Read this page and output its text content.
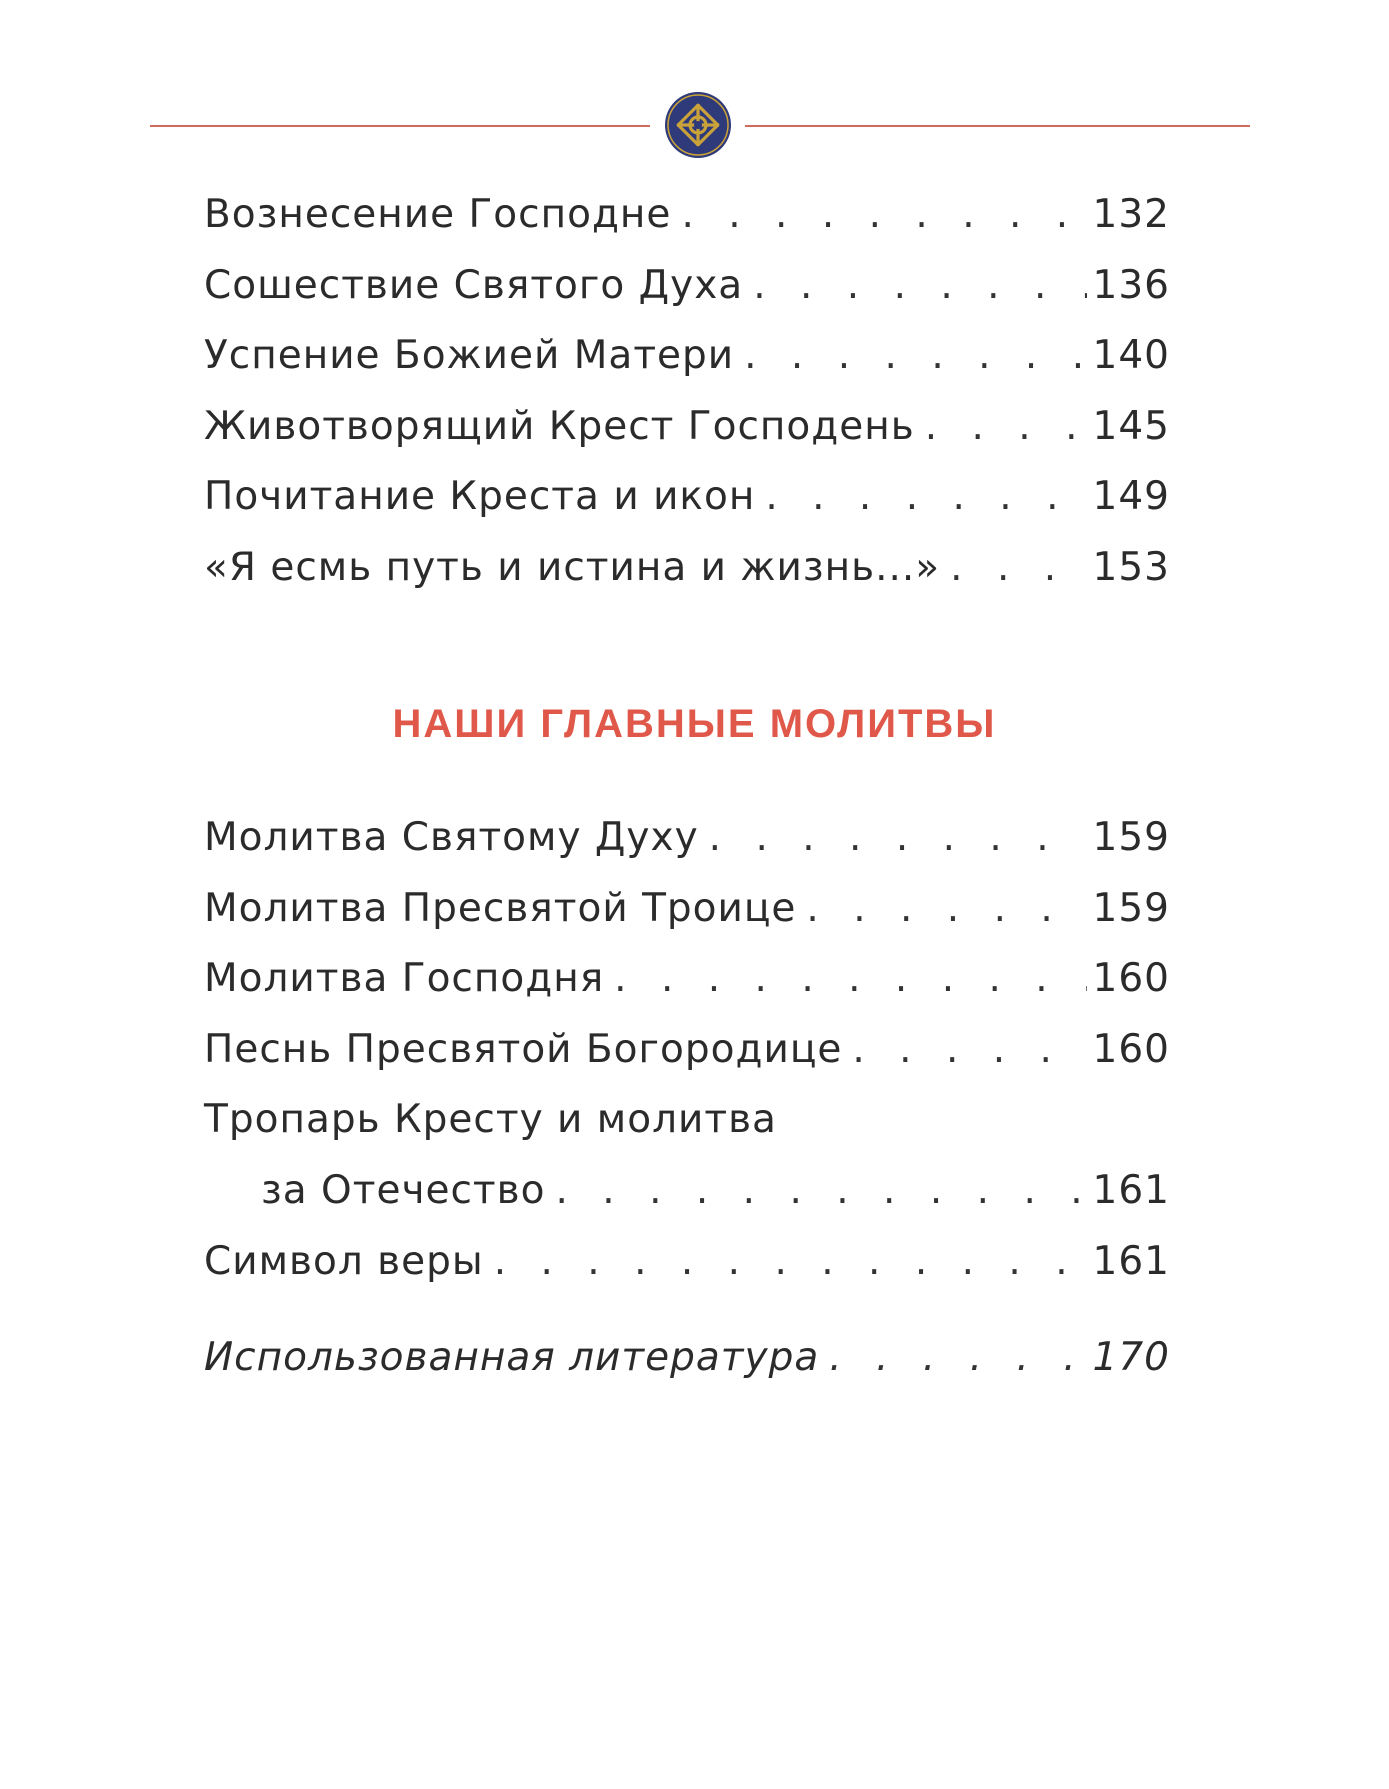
Вознесение Господне . . .	132
Сошествие Святого Духа . . .	136
Успение Божией Матери . . .	140
Животворящий Крест Господень . . .	145
Почитание Креста и икон . . .	149
«Я есмь путь и истина и жизнь...» . . .	153
НАШИ ГЛАВНЫЕ МОЛИТВЫ
Молитва Святому Духу . . .	159
Молитва Пресвятой Троице . . .	159
Молитва Господня . . .	160
Песнь Пресвятой Богородице . . .	160
Тропарь Кресту и молитва
за Отечество . . .	161
Символ веры . . .	161
Использованная литература . . .	170
